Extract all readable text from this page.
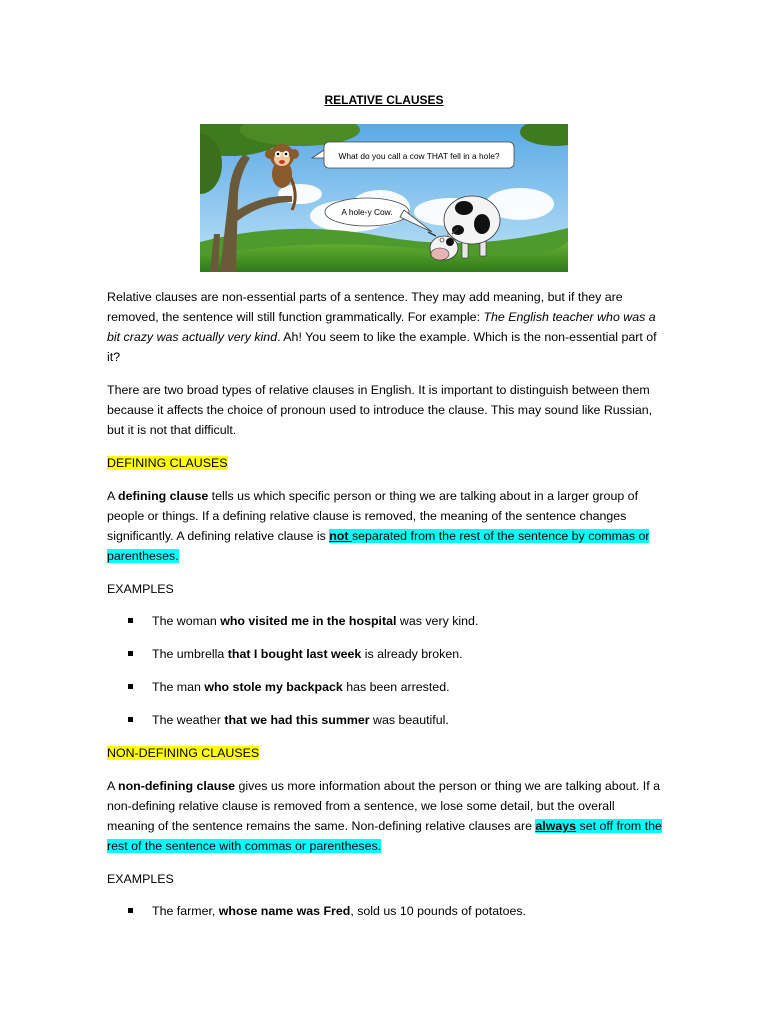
RELATIVE CLAUSES
What do you call a cow THAT fell in a hole?
A hole-y Cow.

Relative clauses are non-essential parts of a sentence. They may add meaning, but if they are removed, the sentence will still function grammatically. For example: The English teacher who was a bit crazy was actually very kind. Ah! You seem to like the example. Which is the non-essential part of it?

There are two broad types of relative clauses in English. It is important to distinguish between them because it affects the choice of pronoun used to introduce the clause. This may sound like Russian, but it is not that difficult.

DEFINING CLAUSES

A defining clause tells us which specific person or thing we are talking about in a larger group of people or things. If a defining relative clause is removed, the meaning of the sentence changes significantly. A defining relative clause is not separated from the rest of the sentence by commas or parentheses.

EXAMPLES

The woman who visited me in the hospital was very kind.
The umbrella that I bought last week is already broken.
The man who stole my backpack has been arrested.
The weather that we had this summer was beautiful.

NON-DEFINING CLAUSES

A non-defining clause gives us more information about the person or thing we are talking about. If a non-defining relative clause is removed from a sentence, we lose some detail, but the overall meaning of the sentence remains the same. Non-defining relative clauses are always set off from the rest of the sentence with commas or parentheses.

EXAMPLES

The farmer, whose name was Fred, sold us 10 pounds of potatoes.
